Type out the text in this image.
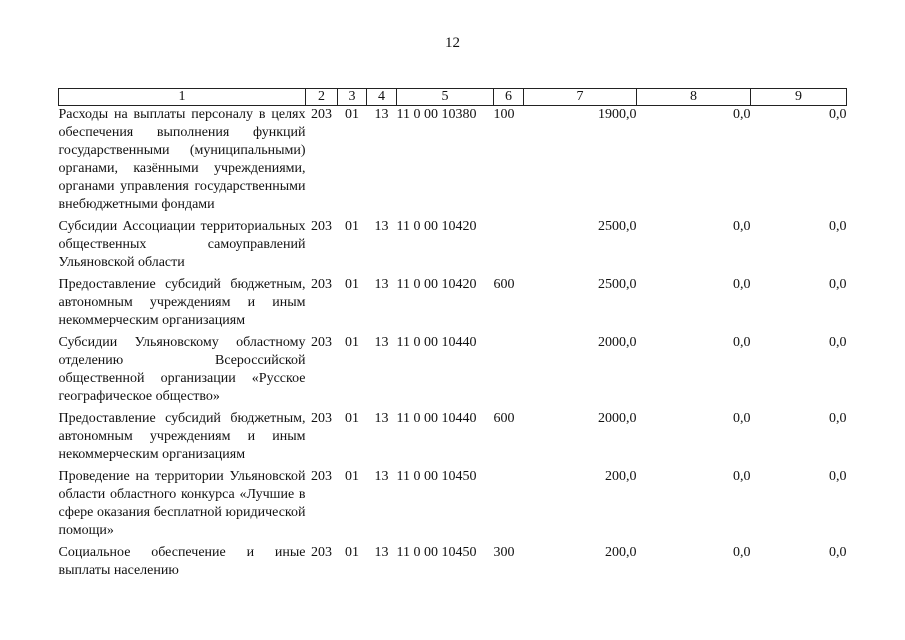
12
1	2	3	4	5	6	7	8	9
Расходы на выплаты персоналу в целях обеспечения выполнения функций государственными (муниципальными) органами, казёнными учреждениями, органами управления государственными внебюджетными фондами	203	01	13	11 0 00 10380	100	1900,0	0,0	0,0

Субсидии Ассоциации территориальных общественных самоуправлений Ульяновской области	203	01	13	11 0 00 10420		2500,0	0,0	0,0

Предоставление субсидий бюджетным, автономным учреждениям и иным некоммерческим организациям	203	01	13	11 0 00 10420	600	2500,0	0,0	0,0

Субсидии Ульяновскому областному отделению Всероссийской общественной организации «Русское географическое общество»	203	01	13	11 0 00 10440		2000,0	0,0	0,0

Предоставление субсидий бюджетным, автономным учреждениям и иным некоммерческим организациям	203	01	13	11 0 00 10440	600	2000,0	0,0	0,0

Проведение на территории Ульяновской области областного конкурса «Лучшие в сфере оказания бесплатной юридической помощи»	203	01	13	11 0 00 10450		200,0	0,0	0,0

Социальное обеспечение и иные выплаты населению	203	01	13	11 0 00 10450	300	200,0	0,0	0,0
